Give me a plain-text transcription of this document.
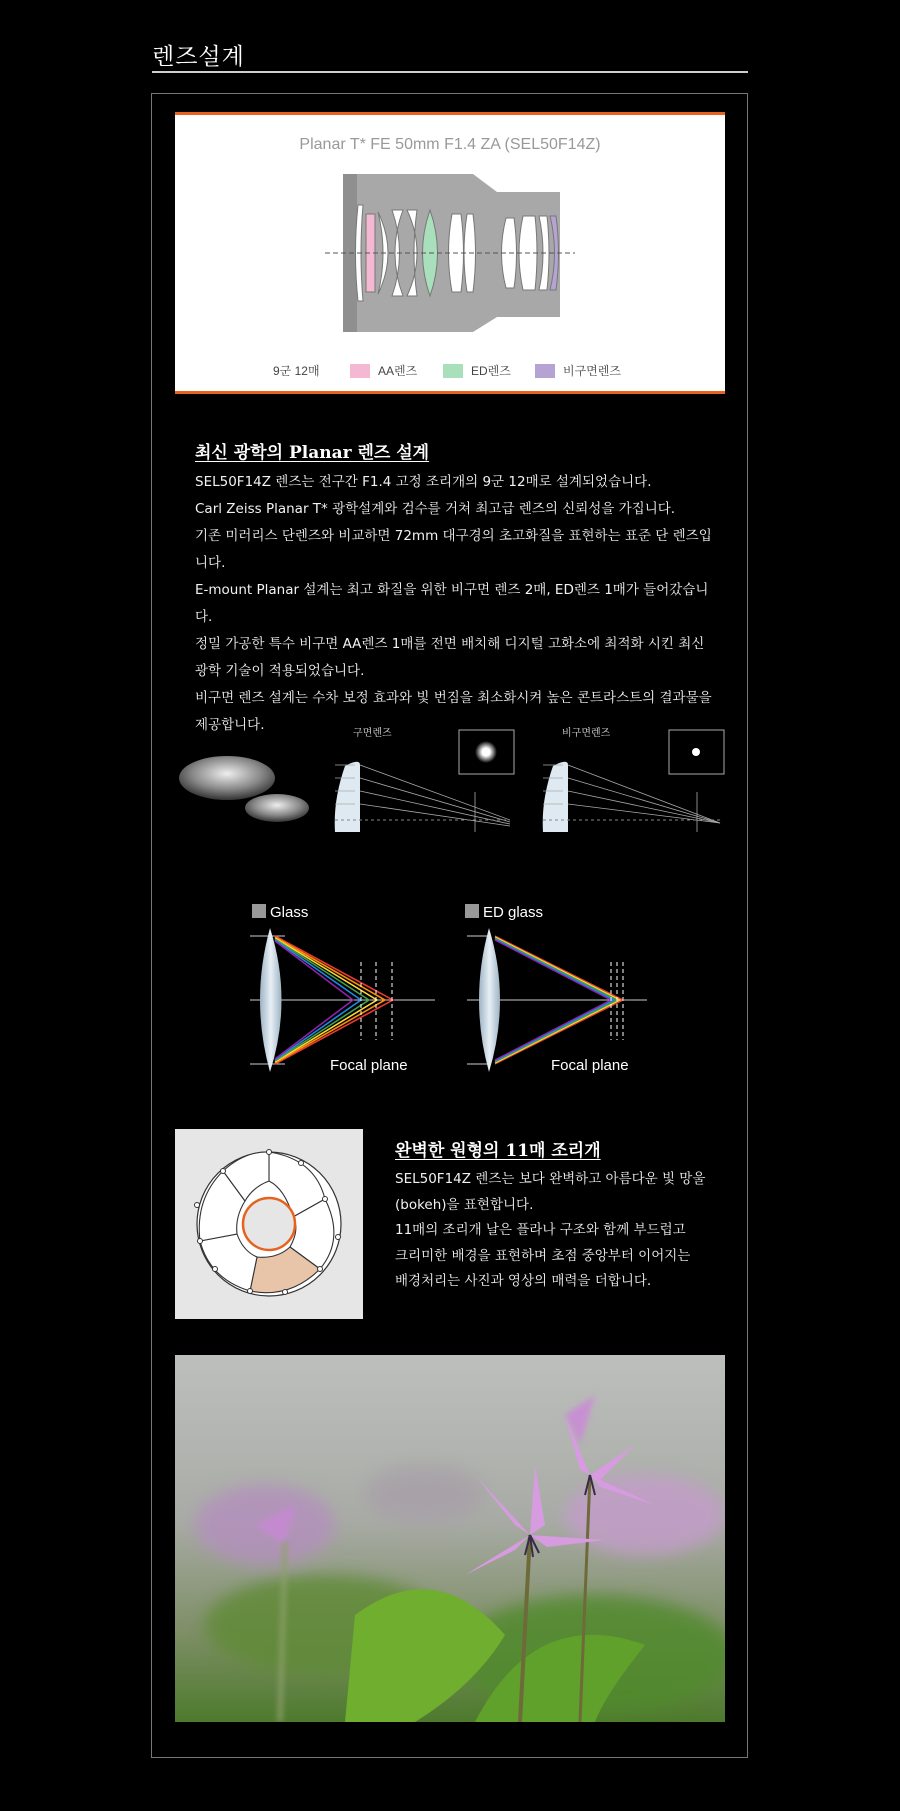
렌즈설계
Planar T* FE 50mm F1.4 ZA (SEL50F14Z)
9군 12매	AA렌즈	ED렌즈	비구면렌즈
최신 광학의 Planar 렌즈 설계

SEL50F14Z 렌즈는 전구간 F1.4 고정 조리개의 9군 12매로 설계되었습니다.

Carl Zeiss Planar T* 광학설계와 검수를 거쳐 최고급 렌즈의 신뢰성을 가집니다.

기존 미러리스 단렌즈와 비교하면 72mm 대구경의 초고화질을 표현하는 표준 단 렌즈입니다.

E-mount Planar 설계는 최고 화질을 위한 비구면 렌즈 2매, ED렌즈 1매가 들어갔습니다.

정밀 가공한 특수 비구면 AA렌즈 1매를 전면 배치해 디지털 고화소에 최적화 시킨 최신

광학 기술이 적용되었습니다.

비구면 렌즈 설계는 수차 보정 효과와 빛 번짐을 최소화시켜 높은 콘트라스트의 결과물을

제공합니다.

구면렌즈	비구면렌즈
Glass	ED glass
Focal plane	Focal plane
완벽한 원형의 11매 조리개

SEL50F14Z 렌즈는 보다 완벽하고 아름다운 빛 망울

(bokeh)을 표현합니다.

11매의 조리개 날은 플라나 구조와 함께 부드럽고

크리미한 배경을 표현하며 초점 중앙부터 이어지는

배경처리는 사진과 영상의 매력을 더합니다.
